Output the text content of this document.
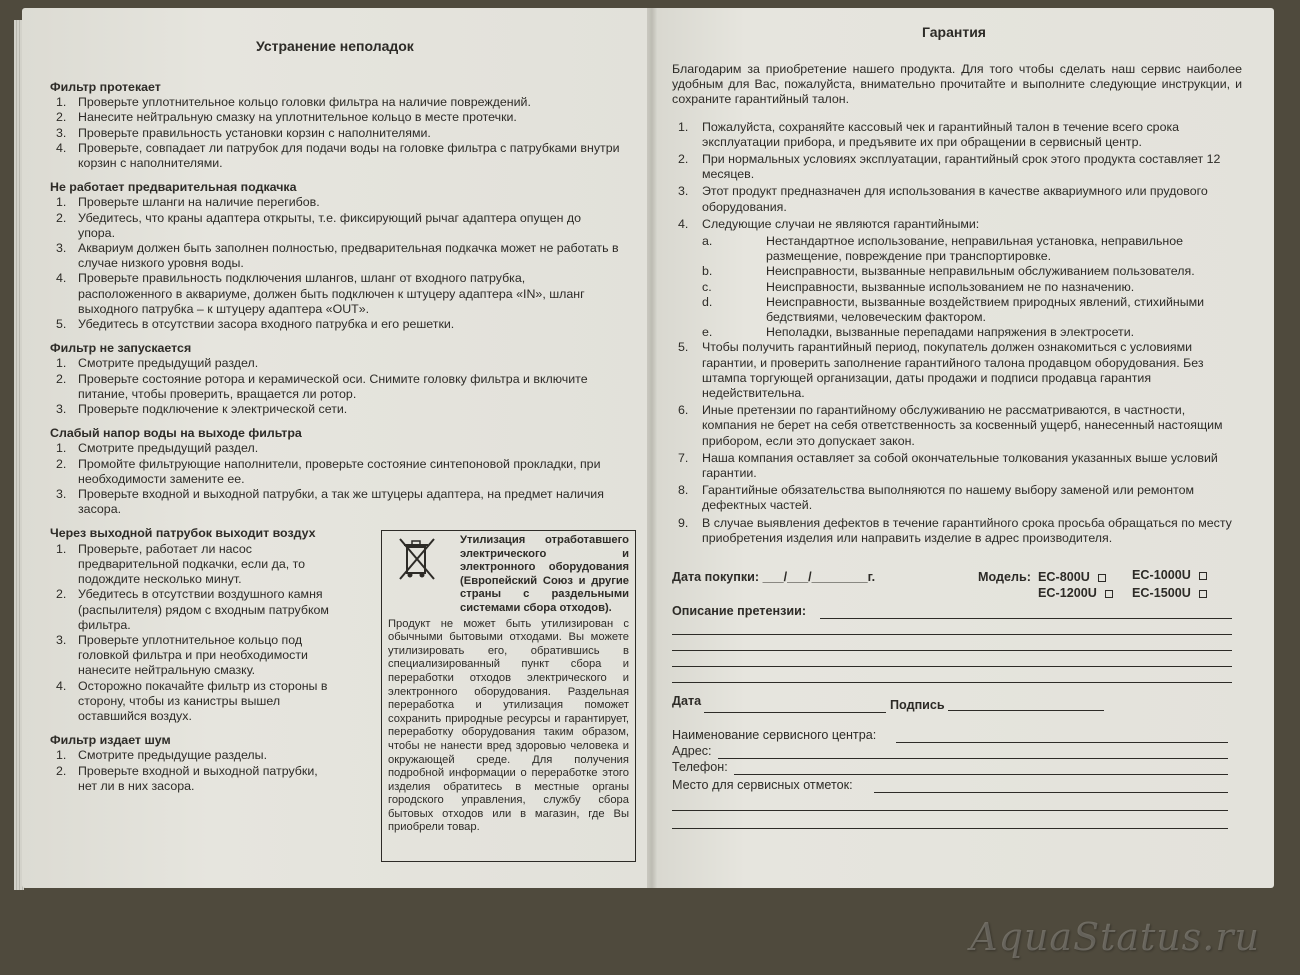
Устранение неполадок
Гарантия
Фильтр протекает
1. Проверьте уплотнительное кольцо головки фильтра на наличие повреждений.
2. Нанесите нейтральную смазку на уплотнительное кольцо в месте протечки.
3. Проверьте правильность установки корзин с наполнителями.
4. Проверьте, совпадает ли патрубок для подачи воды на головке фильтра с патрубками внутри корзин с наполнителями.
Не работает предварительная подкачка
1. Проверьте шланги на наличие перегибов.
2. Убедитесь, что краны адаптера открыты, т.е. фиксирующий рычаг адаптера опущен до упора.
3. Аквариум должен быть заполнен полностью, предварительная подкачка может не работать в случае низкого уровня воды.
4. Проверьте правильность подключения шлангов, шланг от входного патрубка, расположенного в аквариуме, должен быть подключен к штуцеру адаптера «IN», шланг выходного патрубка – к штуцеру адаптера «OUT».
5. Убедитесь в отсутствии засора входного патрубка и его решетки.
Фильтр не запускается
1. Смотрите предыдущий раздел.
2. Проверьте состояние ротора и керамической оси. Снимите головку фильтра и включите питание, чтобы проверить, вращается ли ротор.
3. Проверьте подключение к электрической сети.
Слабый напор воды на выходе фильтра
1. Смотрите предыдущий раздел.
2. Промойте фильтрующие наполнители, проверьте состояние синтепоновой прокладки, при необходимости замените ее.
3. Проверьте входной и выходной патрубки, а так же штуцеры адаптера, на предмет наличия засора.
Через выходной патрубок выходит воздух
1. Проверьте, работает ли насос предварительной подкачки, если да, то подождите несколько минут.
2. Убедитесь в отсутствии воздушного камня (распылителя) рядом с входным патрубком фильтра.
3. Проверьте уплотнительное кольцо под головкой фильтра и при необходимости нанесите нейтральную смазку.
4. Осторожно покачайте фильтр из стороны в сторону, чтобы из канистры вышел оставшийся воздух.
Фильтр издает шум
1. Смотрите предыдущие разделы.
2. Проверьте входной и выходной патрубки, нет ли в них засора.
Утилизация отработавшего электрического и электронного оборудования (Европейский Союз и другие страны с раздельными системами сбора отходов).
Продукт не может быть утилизирован с обычными бытовыми отходами. Вы можете утилизировать его, обратившись в специализированный пункт сбора и переработки отходов электрического и электронного оборудования. Раздельная переработка и утилизация поможет сохранить природные ресурсы и гарантирует, переработку оборудования таким образом, чтобы не нанести вред здоровью человека и окружающей среде. Для получения подробной информации о переработке этого изделия обратитесь в местные органы городского управления, службу сбора бытовых отходов или в магазин, где Вы приобрели товар.
Благодарим за приобретение нашего продукта. Для того чтобы сделать наш сервис наиболее удобным для Вас, пожалуйста, внимательно прочитайте и выполните следующие инструкции, и сохраните гарантийный талон.
1.	Пожалуйста, сохраняйте кассовый чек и гарантийный талон в течение всего срока эксплуатации прибора, и предъявите их при обращении в сервисный центр.
2.	При нормальных условиях эксплуатации, гарантийный срок этого продукта составляет 12 месяцев.
3.	Этот продукт предназначен для использования в качестве аквариумного или прудового оборудования.
4.	Следующие случаи не являются гарантийными:
a.	Нестандартное использование, неправильная установка, неправильное размещение, повреждение при транспортировке.
b.	Неисправности, вызванные неправильным обслуживанием пользователя.
c.	Неисправности, вызванные использованием не по назначению.
d.	Неисправности, вызванные воздействием природных явлений, стихийными бедствиями, человеческим фактором.
e.	Неполадки, вызванные перепадами напряжения в электросети.
5.	Чтобы получить гарантийный период, покупатель должен ознакомиться с условиями гарантии, и проверить заполнение гарантийного талона продавцом оборудования. Без штампа торгующей организации, даты продажи и подписи продавца гарантия недействительна.
6.	Иные претензии по гарантийному обслуживанию не рассматриваются, в частности, компания не берет на себя ответственность за косвенный ущерб, нанесенный настоящим прибором, если это допускает закон.
7.	Наша компания оставляет за собой окончательные толкования указанных выше условий гарантии.
8.	Гарантийные обязательства выполняются по нашему выбору заменой или ремонтом дефектных частей.
9.	В случае выявления дефектов в течение гарантийного срока просьба обращаться по месту приобретения изделия или направить изделие в адрес производителя.
Дата покупки: ___/___/________г.	Модель: EC-800U	EC-1000U
EC-1200U	EC-1500U
Описание претензии:
Дата	Подпись
Наименование сервисного центра:
Адрес:
Телефон:
Место для сервисных отметок:
AquaStatus.ru
